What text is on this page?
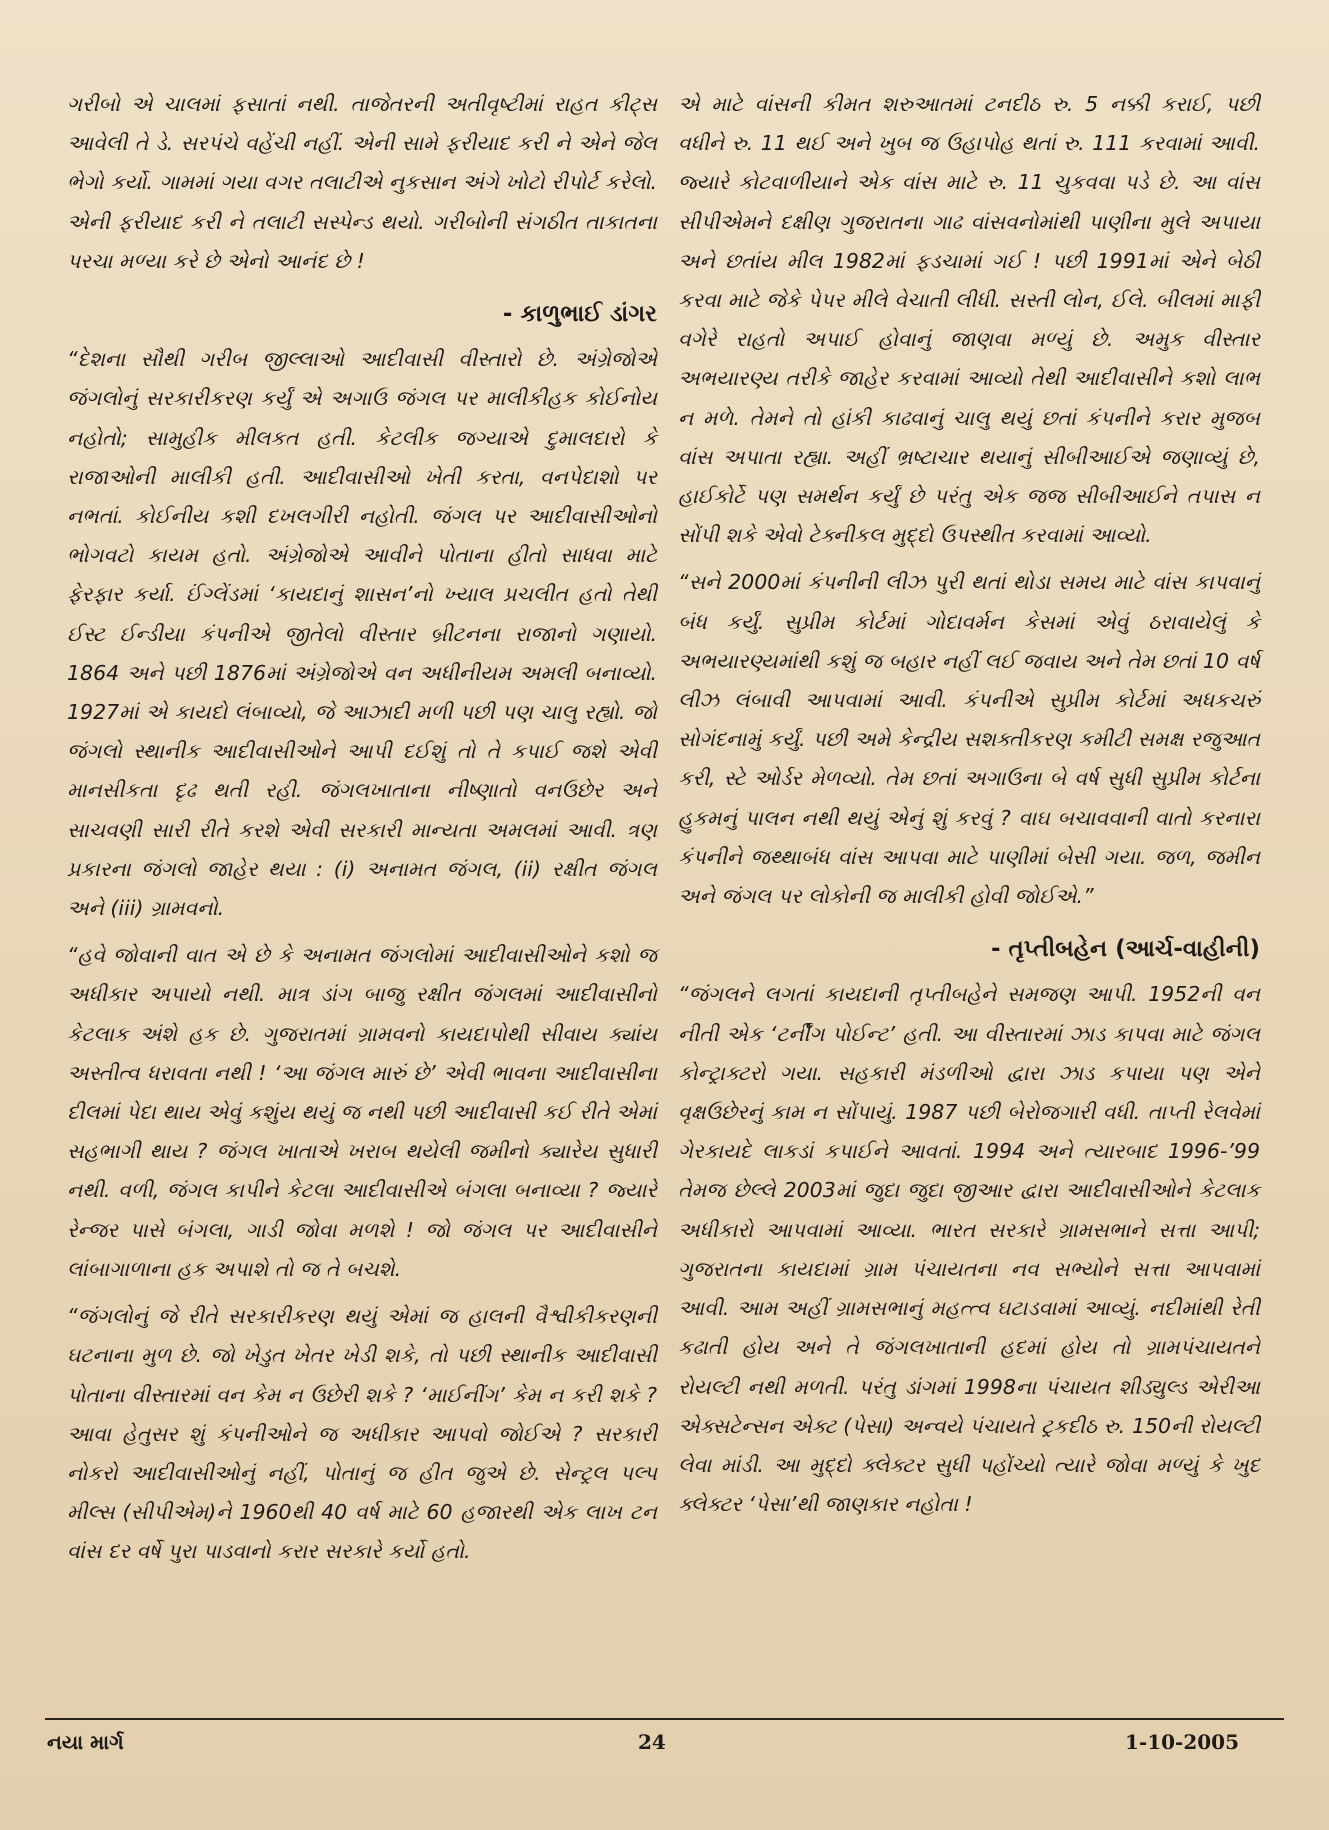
ગરીબો એ ચાલમાં ફસાતાં નથી. તાજેતરની અતીવૃષ્ટીમાં રાહત કીટ્સ આવેલી તે ડે. સરપંચે વહેંચી નહીં. એની સામે ફરીયાદ કરી ને એને જેલ ભેગો કર્યો. ગામમાં ગયા વગર તલાટીએ નુકસાન અંગે ખોટો રીપોર્ટ કરેલો. એની ફરીયાદ કરી ને તલાટી સસ્પેન્ડ થયો. ગરીબોની સંગઠીત તાકાતના પરચા મળ્યા કરે છે એનો આનંદ છે !

- કાળુભાઈ ડાંગર

“દેશના સૌથી ગરીબ જીલ્લાઓ આદીવાસી વીસ્તારો છે. અંગ્રેજોએ જંગલોનું સરકારીકરણ કર્યું એ અગાઉ જંગલ પર માલીકીહક કોઈનોય નહોતો; સામુહીક મીલકત હતી. કેટલીક જગ્યાએ દુમાલદારો કે રાજાઓની માલીકી હતી. આદીવાસીઓ ખેતી કરતા, વનપેદાશો પર નભતાં. કોઈનીય કશી દખલગીરી નહોતી. જંગલ પર આદીવાસીઓનો ભોગવટો કાયમ હતો. અંગ્રેજોએ આવીને પોતાના હીતો સાધવા માટે ફેરફાર કર્યા. ઈંગ્લેંડમાં ‘કાયદાનું શાસન’નો ખ્યાલ પ્રચલીત હતો તેથી ઈસ્ટ ઈન્ડીયા કંપનીએ જીતેલો વીસ્તાર બ્રીટનના રાજાનો ગણાયો. 1864 અને પછી 1876માં અંગ્રેજોએ વન અધીનીયમ અમલી બનાવ્યો. 1927માં એ કાયદો લંબાવ્યો, જે આઝાદી મળી પછી પણ ચાલુ રહ્યો. જો જંગલો સ્થાનીક આદીવાસીઓને આપી દઈશું તો તે કપાઈ જશે એવી માનસીકતા દૃઢ થતી રહી. જંગલખાતાના નીષ્ણાતો વનઉછેર અને સાચવણી સારી રીતે કરશે એવી સરકારી માન્યતા અમલમાં આવી. ત્રણ પ્રકારના જંગલો જાહેર થયા : (i) અનામત જંગલ, (ii) રક્ષીત જંગલ અને (iii) ગ્રામવનો.

“હવે જોવાની વાત એ છે કે અનામત જંગલોમાં આદીવાસીઓને કશો જ અધીકાર અપાયો નથી. માત્ર ડાંગ બાજુ રક્ષીત જંગલમાં આદીવાસીનો કેટલાક અંશે હક છે. ગુજરાતમાં ગ્રામવનો કાયદાપોથી સીવાય ક્યાંય અસ્તીત્વ ધરાવતા નથી ! ‘આ જંગલ મારું છે’ એવી ભાવના આદીવાસીના દીલમાં પેદા થાય એવું કશુંય થયું જ નથી પછી આદીવાસી કઈ રીતે એમાં સહભાગી થાય ? જંગલ ખાતાએ ખરાબ થયેલી જમીનો ક્યારેય સુધારી નથી. વળી, જંગલ કાપીને કેટલા આદીવાસીએ બંગલા બનાવ્યા ? જ્યારે રેન્જર પાસે બંગલા, ગાડી જોવા મળશે ! જો જંગલ પર આદીવાસીને લાંબાગાળાના હક અપાશે તો જ તે બચશે.

“જંગલોનું જે રીતે સરકારીકરણ થયું એમાં જ હાલની વૈશ્વીકીકરણની ઘટનાના મુળ છે. જો ખેડુત ખેતર ખેડી શકે, તો પછી સ્થાનીક આદીવાસી પોતાના વીસ્તારમાં વન કેમ ન ઉછેરી શકે ? ‘માઈનીંગ’ કેમ ન કરી શકે ? આવા હેતુસર શું કંપનીઓને જ અધીકાર આપવો જોઈએ ? સરકારી નોકરો આદીવાસીઓનું નહીં, પોતાનું જ હીત જુએ છે. સેન્ટ્રલ પલ્પ મીલ્સ (સીપીએમ)ને 1960થી 40 વર્ષ માટે 60 હજારથી એક લાખ ટન વાંસ દર વર્ષે પુરા પાડવાનો કરાર સરકારે કર્યો હતો.

એ માટે વાંસની કીમત શરુઆતમાં ટનદીઠ રુ. 5 નક્કી કરાઈ, પછી વધીને રુ. 11 થઈ અને ખુબ જ ઉહાપોહ થતાં રુ. 111 કરવામાં આવી. જ્યારે કોટવાળીયાને એક વાંસ માટે રુ. 11 ચુકવવા પડે છે. આ વાંસ સીપીએમને દક્ષીણ ગુજરાતના ગાઢ વાંસવનોમાંથી પાણીના મુલે અપાયા અને છતાંય મીલ 1982માં ફડચામાં ગઈ ! પછી 1991માં એને બેઠી કરવા માટે જેકે પેપર મીલે વેચાતી લીધી. સસ્તી લોન, ઈલે. બીલમાં માફી વગેરે રાહતો અપાઈ હોવાનું જાણવા મળ્યું છે. અમુક વીસ્તાર અભયારણ્ય તરીકે જાહેર કરવામાં આવ્યો તેથી આદીવાસીને કશો લાભ ન મળે. તેમને તો હાંકી કાઢવાનું ચાલુ થયું છતાં કંપનીને કરાર મુજબ વાંસ અપાતા રહ્યા. અહીં ભ્રષ્ટાચાર થયાનું સીબીઆઈએ જણાવ્યું છે, હાઈકોર્ટે પણ સમર્થન કર્યું છે પરંતુ એક જજ સીબીઆઈને તપાસ ન સોંપી શકે એવો ટેક્નીકલ મુદ્દો ઉપસ્થીત કરવામાં આવ્યો.

“સને 2000માં કંપનીની લીઝ પુરી થતાં થોડા સમય માટે વાંસ કાપવાનું બંધ કર્યું. સુપ્રીમ કોર્ટમાં ગોદાવર્મન કેસમાં એવું ઠરાવાયેલું કે અભયારણ્યમાંથી કશું જ બહાર નહીં લઈ જવાય અને તેમ છતાં 10 વર્ષ લીઝ લંબાવી આપવામાં આવી. કંપનીએ સુપ્રીમ કોર્ટમાં અધકચરું સોગંદનામું કર્યું. પછી અમે કેન્દ્રીય સશક્તીકરણ કમીટી સમક્ષ રજુઆત કરી, સ્ટે ઓર્ડર મેળવ્યો. તેમ છતાં અગાઉના બે વર્ષ સુધી સુપ્રીમ કોર્ટના હુકમનું પાલન નથી થયું એનું શું કરવું ? વાઘ બચાવવાની વાતો કરનારા કંપનીને જથ્થાબંધ વાંસ આપવા માટે પાણીમાં બેસી ગયા. જળ, જમીન અને જંગલ પર લોકોની જ માલીકી હોવી જોઈએ.”

- તૃપ્તીબહેન (આર્ચ-વાહીની)

“જંગલને લગતાં કાયદાની તૃપ્તીબહેને સમજણ આપી. 1952ની વન નીતી એક ‘ટર્નીંગ પોઈન્ટ’ હતી. આ વીસ્તારમાં ઝાડ કાપવા માટે જંગલ કોન્ટ્રાક્ટરો ગયા. સહકારી મંડળીઓ દ્વારા ઝાડ કપાયા પણ એને વૃક્ષઉછેરનું કામ ન સોંપાયું. 1987 પછી બેરોજગારી વધી. તાપ્તી રેલવેમાં ગેરકાયદે લાકડાં કપાઈને આવતાં. 1994 અને ત્યારબાદ 1996-’99 તેમજ છેલ્લે 2003માં જુદા જુદા જીઆર દ્વારા આદીવાસીઓને કેટલાક અધીકારો આપવામાં આવ્યા. ભારત સરકારે ગ્રામસભાને સત્તા આપી; ગુજરાતના કાયદામાં ગ્રામ પંચાયતના નવ સભ્યોને સત્તા આપવામાં આવી. આમ અહીં ગ્રામસભાનું મહત્ત્વ ઘટાડવામાં આવ્યું. નદીમાંથી રેતી કઢાતી હોય અને તે જંગલખાતાની હદમાં હોય તો ગ્રામપંચાયતને રોયલ્ટી નથી મળતી. પરંતુ ડાંગમાં 1998ના પંચાયત શીડ્યુલ્ડ એરીઆ એક્સટેન્સન એક્ટ (પેસા) અન્વયે પંચાયતે ટ્રકદીઠ રુ. 150ની રોયલ્ટી લેવા માંડી. આ મુદ્દો ક્લેક્ટર સુધી પહોંચ્યો ત્યારે જોવા મળ્યું કે ખુદ ક્લેક્ટર ‘પેસા’થી જાણકાર નહોતા !

નયા માર્ગ	24	1-10-2005
